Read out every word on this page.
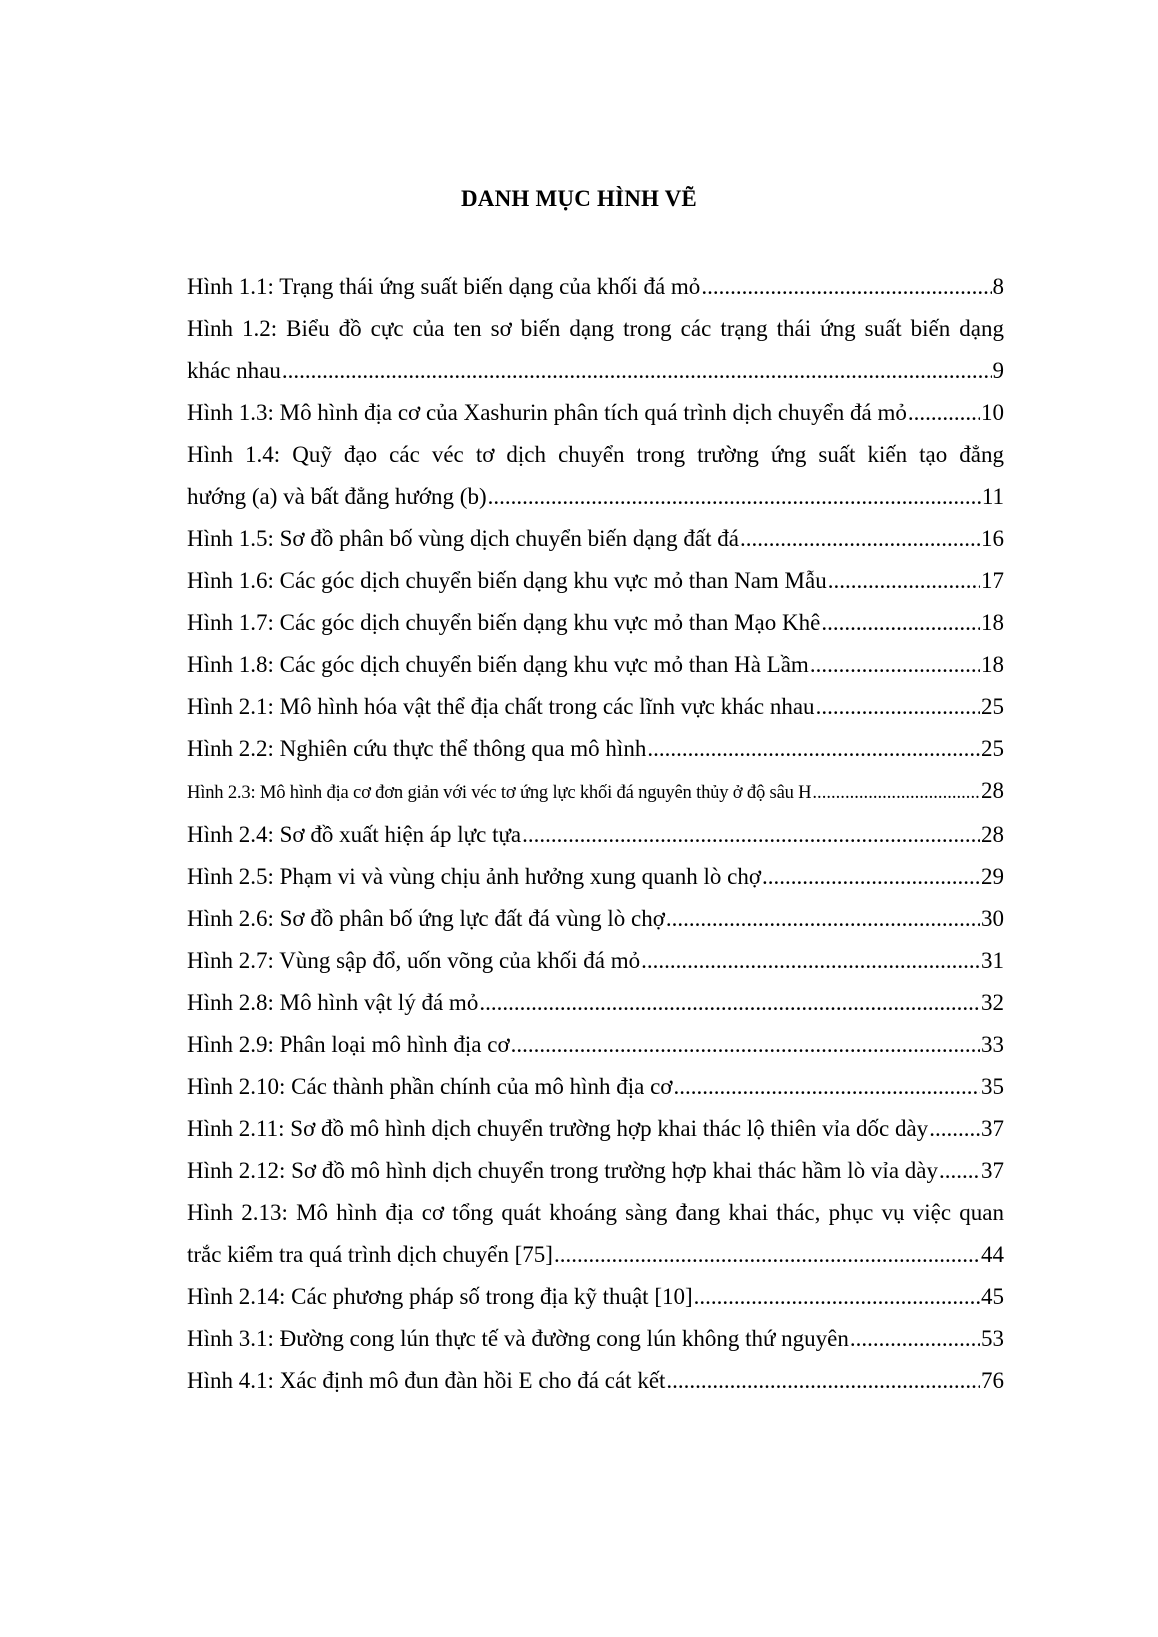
DANH MỤC HÌNH VẼ
Hình 1.1: Trạng thái ứng suất biến dạng của khối đá mỏ .....	8
Hình 1.2: Biểu đồ cực của ten sơ biến dạng trong các trạng thái ứng suất biến dạng
khác nhau .....	9
Hình 1.3: Mô hình địa cơ của Xashurin phân tích quá trình dịch chuyển đá mỏ .....	10
Hình 1.4: Quỹ đạo các véc tơ dịch chuyển trong trường ứng suất kiến tạo đẳng
hướng (a) và bất đẳng hướng (b) .....	11
Hình 1.5: Sơ đồ phân bố vùng dịch chuyển biến dạng đất đá .....	16
Hình 1.6: Các góc dịch chuyển biến dạng khu vực mỏ than Nam Mẫu .....	17
Hình 1.7: Các góc dịch chuyển biến dạng khu vực mỏ than Mạo Khê .....	18
Hình 1.8: Các góc dịch chuyển biến dạng khu vực mỏ than Hà Lầm .....	18
Hình 2.1: Mô hình hóa vật thể địa chất trong các lĩnh vực khác nhau .....	25
Hình 2.2: Nghiên cứu thực thể thông qua mô hình .....	25
Hình 2.3: Mô hình địa cơ đơn giản với véc tơ ứng lực khối đá nguyên thủy ở độ sâu H .....	28
Hình 2.4: Sơ đồ xuất hiện áp lực tựa .....	28
Hình 2.5: Phạm vi và vùng chịu ảnh hưởng xung quanh lò chợ .....	29
Hình 2.6: Sơ đồ phân bố ứng lực đất đá vùng lò chợ .....	30
Hình 2.7: Vùng sập đổ, uốn võng của khối đá mỏ .....	31
Hình 2.8: Mô hình vật lý đá mỏ .....	32
Hình 2.9: Phân loại mô hình địa cơ .....	33
Hình 2.10: Các thành phần chính của mô hình địa cơ .....	35
Hình 2.11: Sơ đồ mô hình dịch chuyển trường hợp khai thác lộ thiên vỉa dốc dày ..... 37
Hình 2.12: Sơ đồ mô hình dịch chuyển trong trường hợp khai thác hầm lò vỉa dày ..... 37
Hình 2.13: Mô hình địa cơ tổng quát khoáng sàng đang khai thác, phục vụ việc quan
trắc kiểm tra quá trình dịch chuyển [75] .....	44
Hình 2.14: Các phương pháp số trong địa kỹ thuật [10] .....	45
Hình 3.1: Đường cong lún thực tế và đường cong lún không thứ nguyên .....	53
Hình 4.1: Xác định mô đun đàn hồi E cho đá cát kết .....	76
